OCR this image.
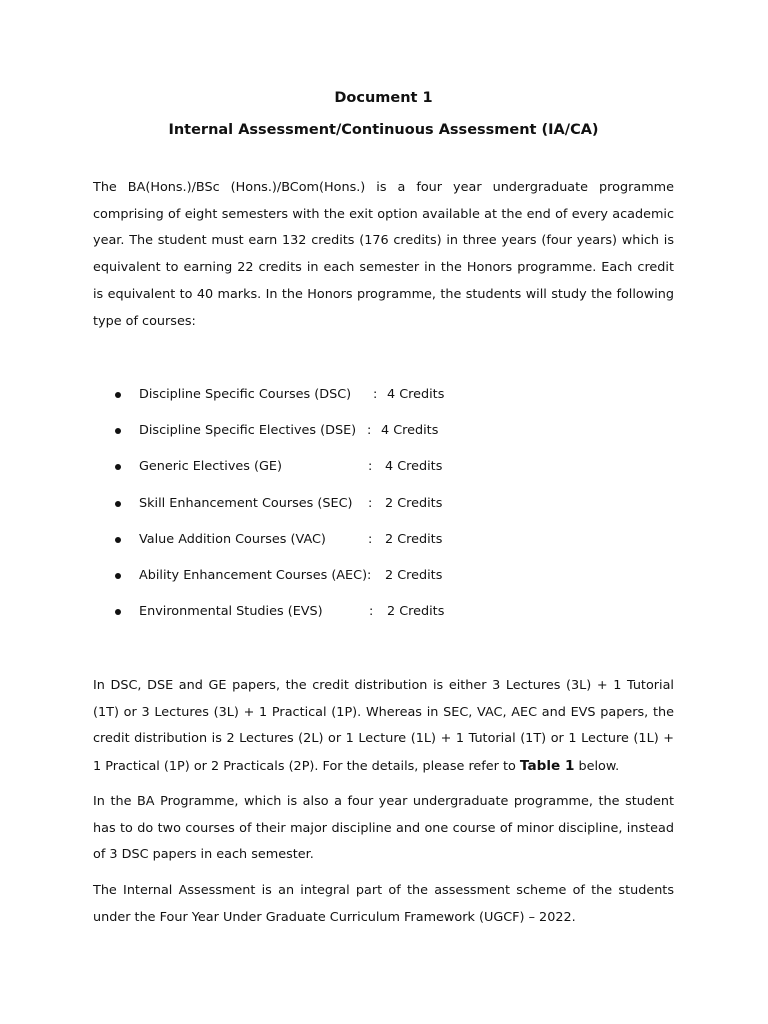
Document 1
Internal Assessment/Continuous Assessment (IA/CA)

The BA(Hons.)/BSc (Hons.)/BCom(Hons.) is a four year undergraduate programme comprising of eight semesters with the exit option available at the end of every academic year. The student must earn 132 credits (176 credits) in three years (four years) which is equivalent to earning 22 credits in each semester in the Honors programme. Each credit is equivalent to 40 marks. In the Honors programme, the students will study the following type of courses:

Discipline Specific Courses (DSC) : 4 Credits
Discipline Specific Electives (DSE) : 4 Credits
Generic Electives (GE)	: 4 Credits
Skill Enhancement Courses (SEC) : 2 Credits
Value Addition Courses (VAC)	: 2 Credits
Ability Enhancement Courses (AEC) : 2 Credits
Environmental Studies (EVS)	: 2 Credits

In DSC, DSE and GE papers, the credit distribution is either 3 Lectures (3L) + 1 Tutorial (1T) or 3 Lectures (3L) + 1 Practical (1P). Whereas in SEC, VAC, AEC and EVS papers, the credit distribution is 2 Lectures (2L) or 1 Lecture (1L) + 1 Tutorial (1T) or 1 Lecture (1L) + 1 Practical (1P) or 2 Practicals (2P). For the details, please refer to Table 1 below.

In the BA Programme, which is also a four year undergraduate programme, the student has to do two courses of their major discipline and one course of minor discipline, instead of 3 DSC papers in each semester.

The Internal Assessment is an integral part of the assessment scheme of the students under the Four Year Under Graduate Curriculum Framework (UGCF) – 2022.
